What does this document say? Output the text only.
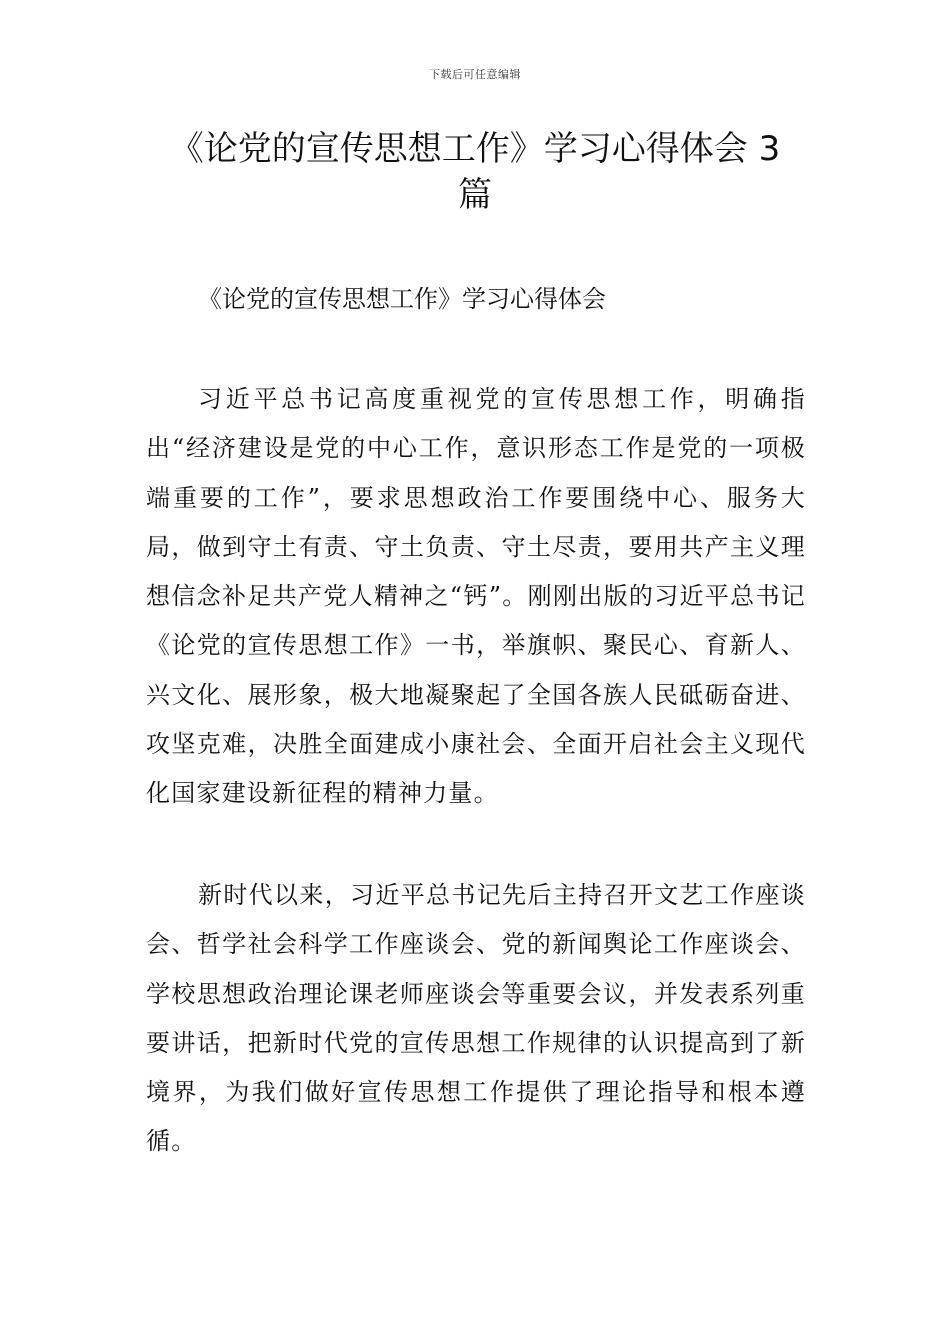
下载后可任意编辑
《论党的宣传思想工作》学习心得体会 3 篇
《论党的宣传思想工作》学习心得体会

习近平总书记高度重视党的宣传思想工作，明确指出“经济建设是党的中心工作，意识形态工作是党的一项极端重要的工作”，要求思想政治工作要围绕中心、服务大局，做到守土有责、守土负责、守土尽责，要用共产主义理想信念补足共产党人精神之“钙”。刚刚出版的习近平总书记《论党的宣传思想工作》一书，举旗帜、聚民心、育新人、兴文化、展形象，极大地凝聚起了全国各族人民砥砺奋进、攻坚克难，决胜全面建成小康社会、全面开启社会主义现代化国家建设新征程的精神力量。

新时代以来，习近平总书记先后主持召开文艺工作座谈会、哲学社会科学工作座谈会、党的新闻舆论工作座谈会、学校思想政治理论课老师座谈会等重要会议，并发表系列重要讲话，把新时代党的宣传思想工作规律的认识提高到了新境界，为我们做好宣传思想工作提供了理论指导和根本遵循。
